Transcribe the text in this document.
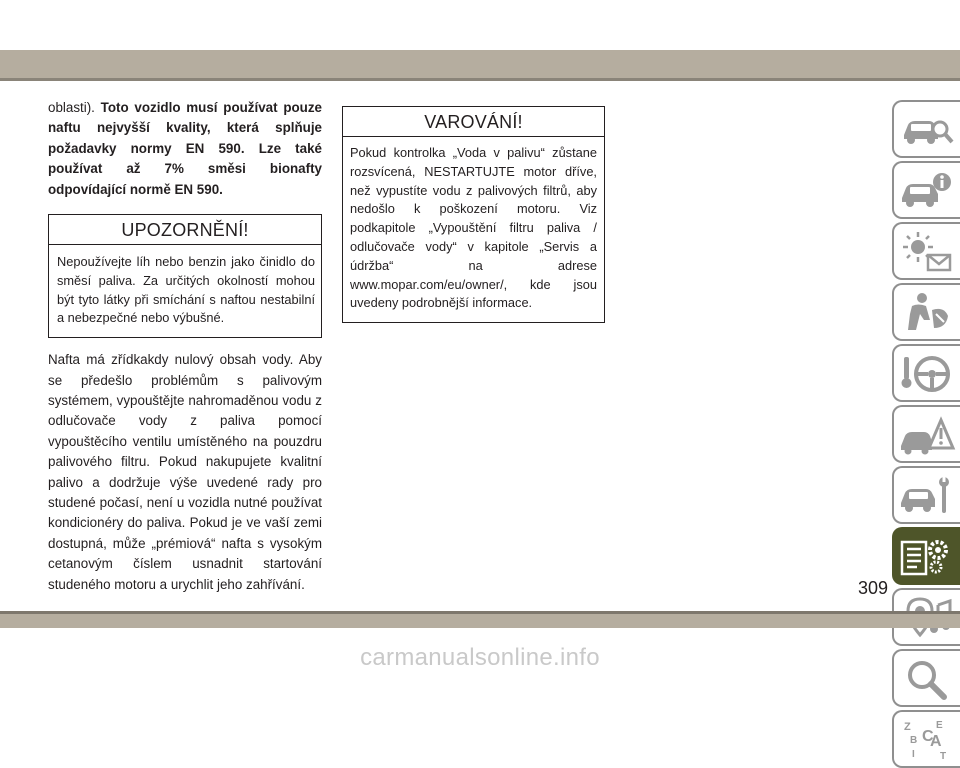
oblasti). Toto vozidlo musí používat pouze naftu nejvyšší kvality, která splňuje požadavky normy EN 590. Lze také používat až 7% směsi bionafty odpovídající normě EN 590.

UPOZORNĚNÍ!
Nepoužívejte líh nebo benzin jako činidlo do směsí paliva. Za určitých okolností mohou být tyto látky při smíchání s naftou nestabilní a nebezpečné nebo výbušné.

Nafta má zřídkakdy nulový obsah vody. Aby se předešlo problémům s palivovým systémem, vypouštějte nahromaděnou vodu z odlučovače vody z paliva pomocí vypouštěcího ventilu umístěného na pouzdru palivového filtru. Pokud nakupujete kvalitní palivo a dodržuje výše uvedené rady pro studené počasí, není u vozidla nutné používat kondicionéry do paliva. Pokud je ve vaší zemi dostupná, může „prémiová“ nafta s vysokým cetanovým číslem usnadnit startování studeného motoru a urychlit jeho zahřívání.

VAROVÁNÍ!
Pokud kontrolka „Voda v palivu“ zůstane rozsvícená, NESTARTUJTE motor dříve, než vypustíte vodu z palivových filtrů, aby nedošlo k poškození motoru. Viz podkapitole „Vypouštění filtru paliva / odlučovače vody“ v kapitole „Servis a údržba“ na adrese www.mopar.com/eu/owner/, kde jsou uvedeny podrobnější informace.
Z	E
B A
C
I	T
309
carmanualsonline.info
